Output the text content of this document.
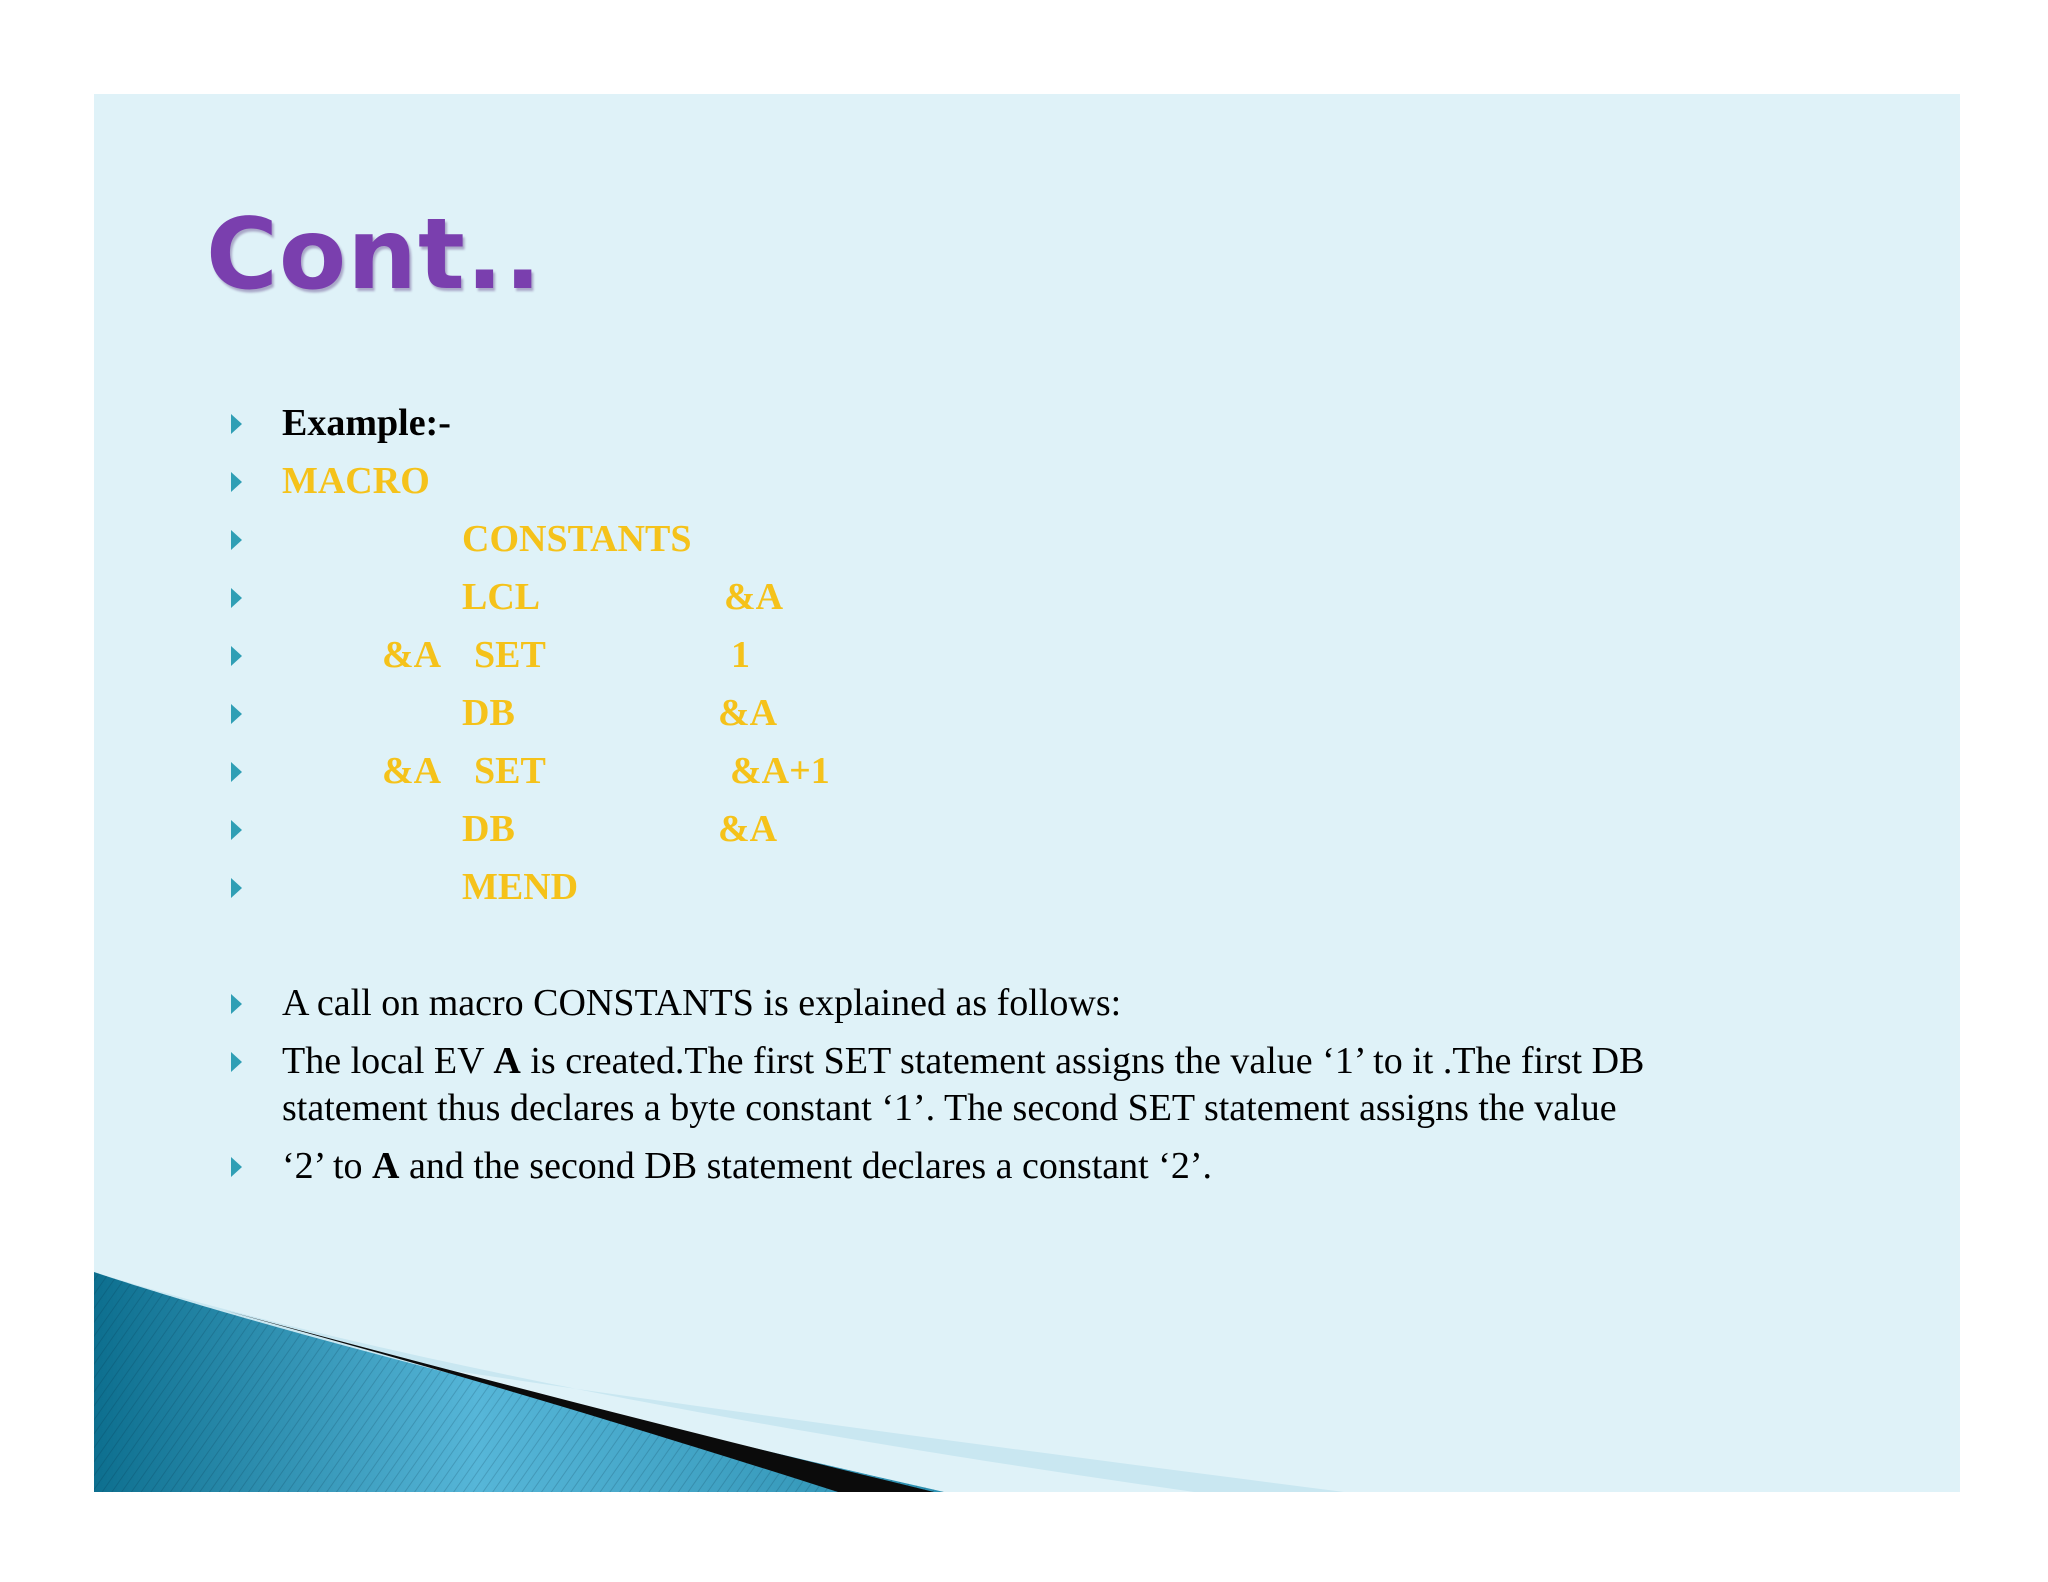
Cont..
Example:-
MACRO
CONSTANTS
LCL	&A
&A SET	1
DB	&A
&A SET	&A+1
DB	&A
MEND
A call on macro CONSTANTS is explained as follows:
The local EV A is created.The first SET statement assigns the value ‘1’ to it .The first DB
statement thus declares a byte constant ‘1’. The second SET statement assigns the value
‘2’ to A and the second DB statement declares a constant ‘2’.
